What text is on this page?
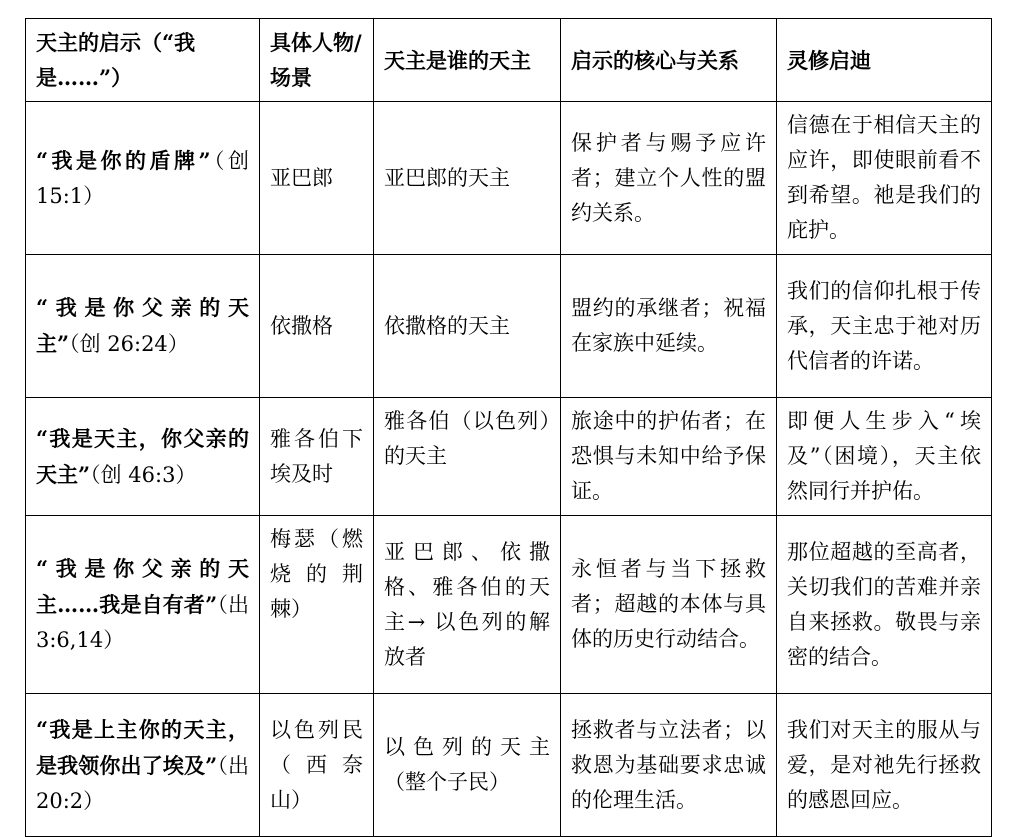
天主的启示（“我是……”）	具体人物/场景	天主是谁的天主	启示的核心与关系	灵修启迪
“我是你的盾牌”（创 15:1）	亚巴郎	亚巴郎的天主	保护者与赐予应许者；建立个人性的盟约关系。	信德在于相信天主的应许，即使眼前看不到希望。祂是我们的庇护。
“我是你父亲的天主”（创 26:24）	依撒格	依撒格的天主	盟约的承继者；祝福在家族中延续。	我们的信仰扎根于传承，天主忠于祂对历代信者的许诺。
“我是天主，你父亲的天主”（创 46:3）	雅各伯下埃及时	雅各伯（以色列）的天主	旅途中的护佑者；在恐惧与未知中给予保证。	即便人生步入“埃及”（困境），天主依然同行并护佑。
“我是你父亲的天主……我是自有者”（出 3:6,14）	梅瑟（燃烧的荆棘）	亚巴郎、依撒格、雅各伯的天主→ 以色列的解放者	永恒者与当下拯救者；超越的本体与具体的历史行动结合。	那位超越的至高者，关切我们的苦难并亲自来拯救。敬畏与亲密的结合。
“我是上主你的天主，是我领你出了埃及”（出 20:2）	以色列民（西奈山）	以色列的天主（整个子民）	拯救者与立法者；以救恩为基础要求忠诚的伦理生活。	我们对天主的服从与爱，是对祂先行拯救的感恩回应。
